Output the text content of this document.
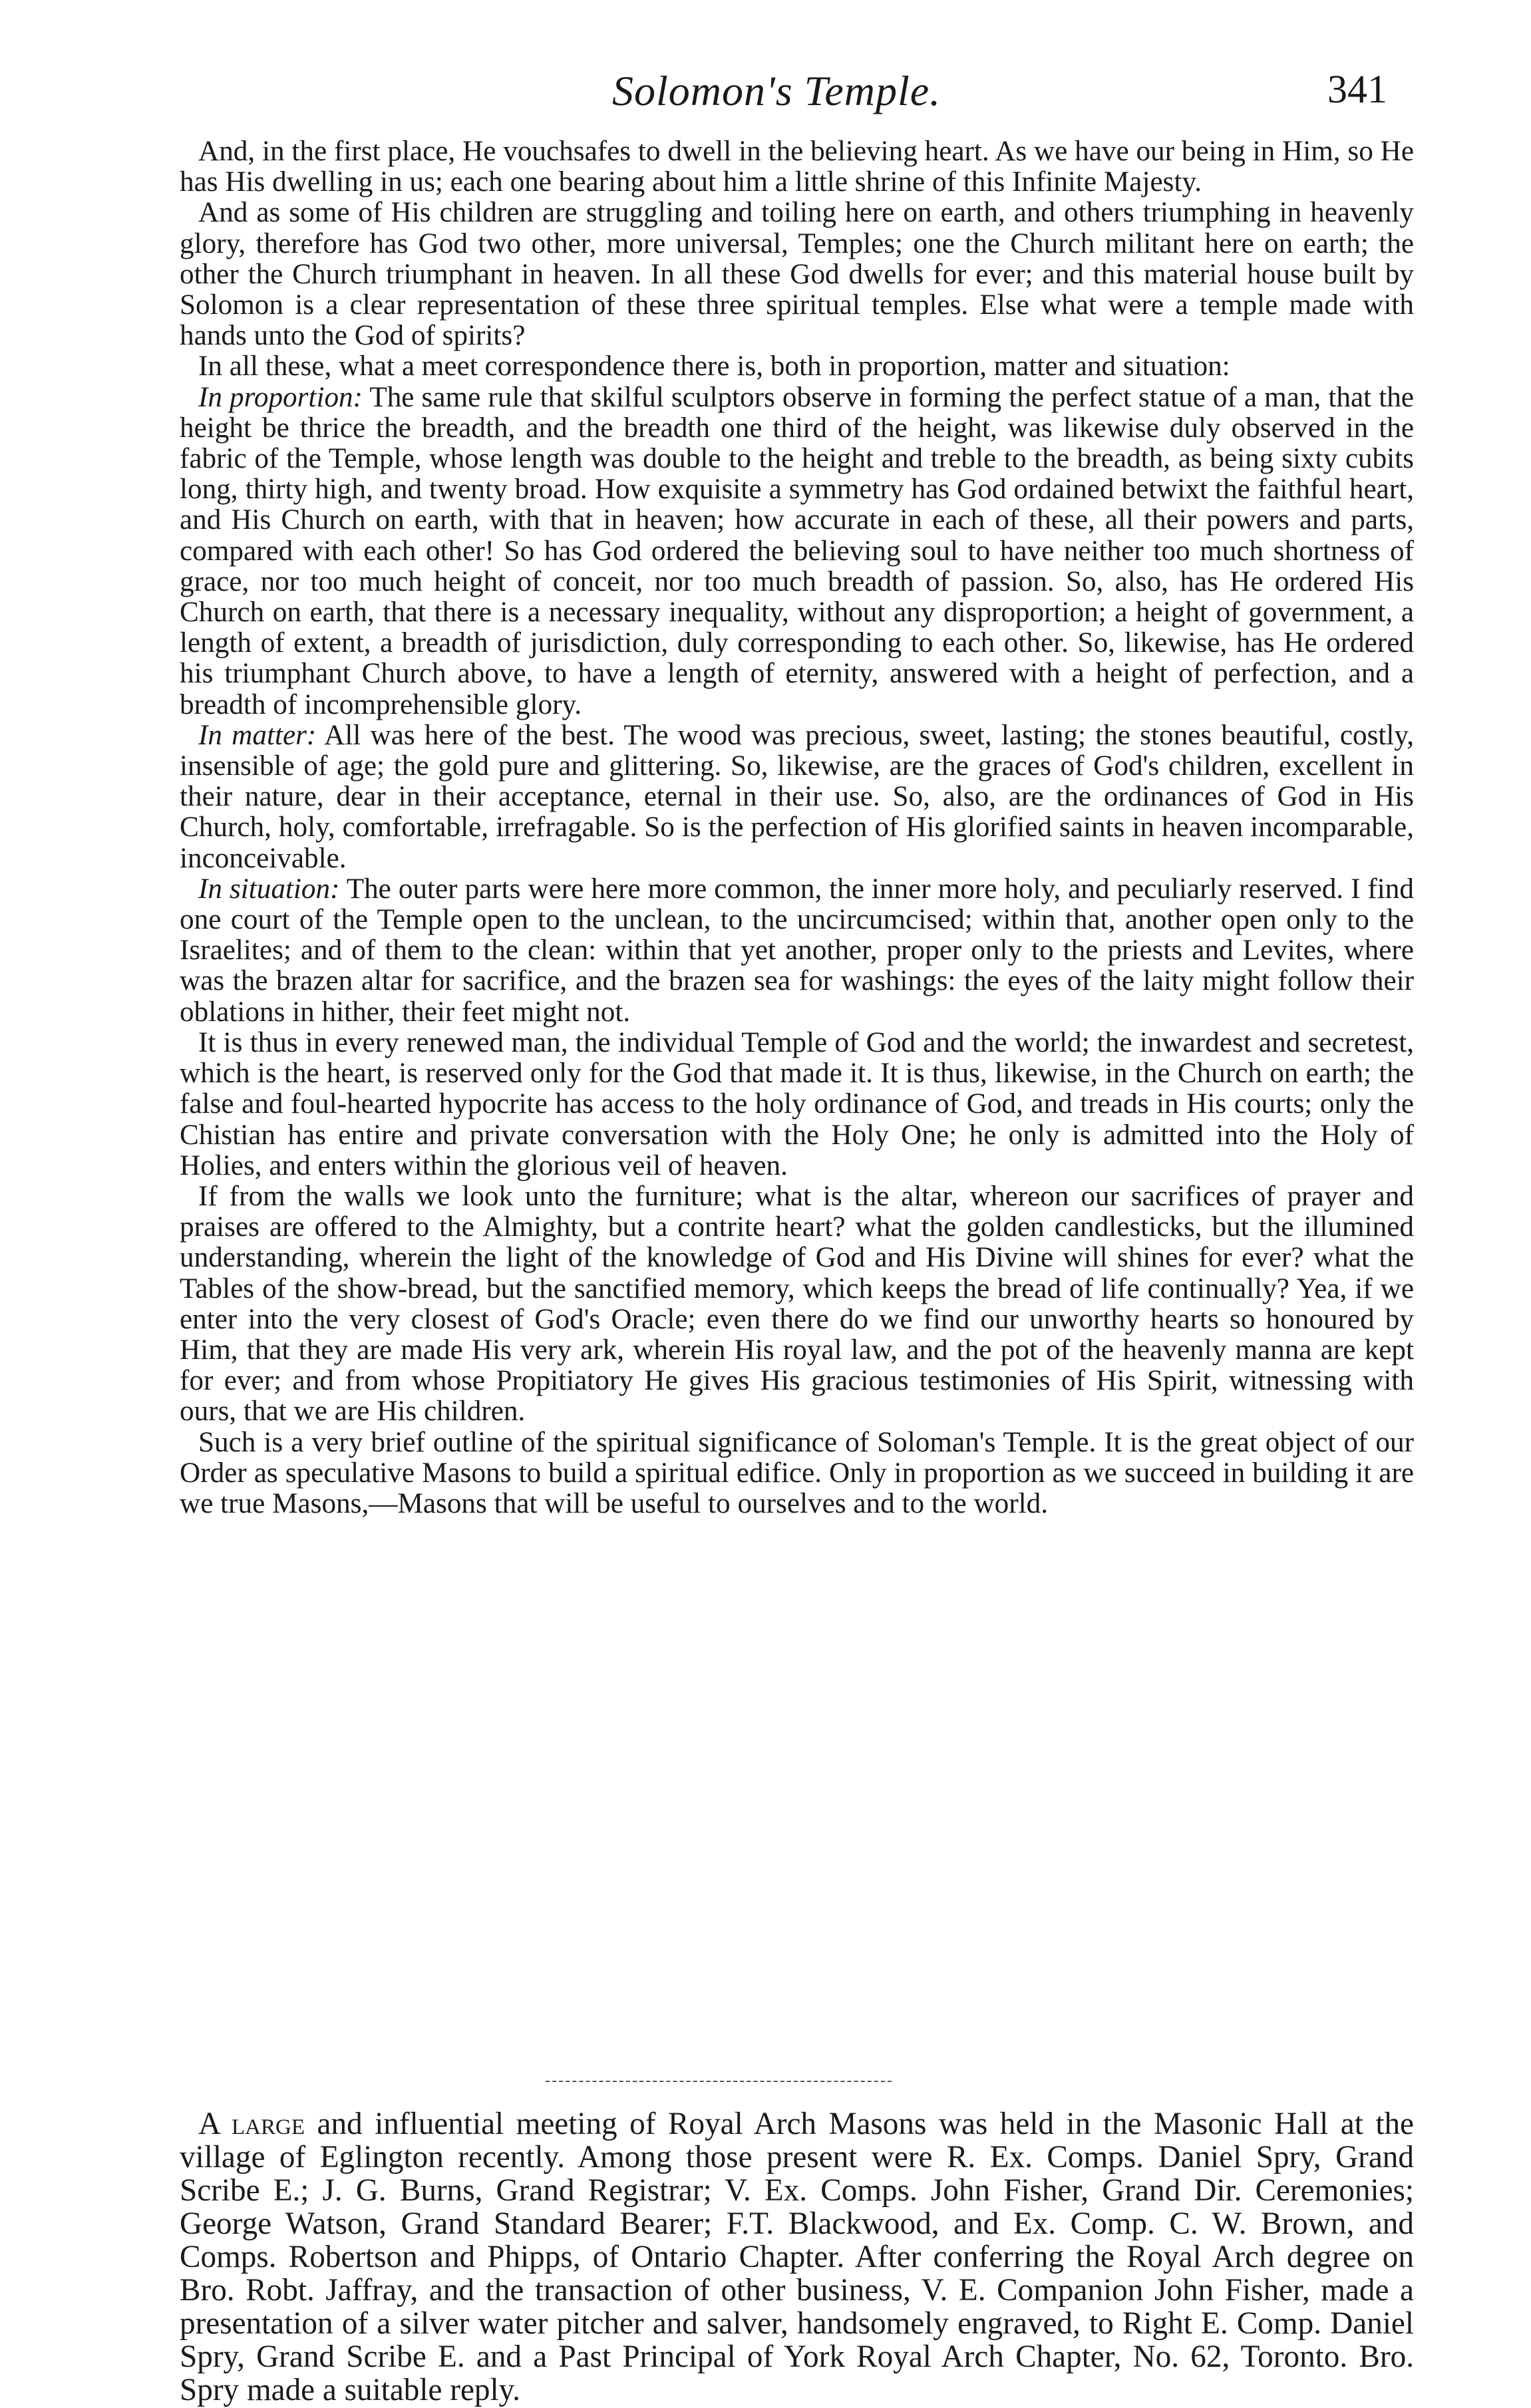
Solomon's Temple.	341

And, in the first place, He vouchsafes to dwell in the believing heart. As we have our being in Him, so He has His dwelling in us; each one bearing about him a little shrine of this Infinite Majesty.

And as some of His children are struggling and toiling here on earth, and others triumphing in heavenly glory, therefore has God two other, more universal, Temples; one the Church militant here on earth; the other the Church triumphant in heaven. In all these God dwells for ever; and this material house built by Solomon is a clear representation of these three spiritual temples. Else what were a temple made with hands unto the God of spirits?

In all these, what a meet correspondence there is, both in proportion, matter and situation:

In proportion: The same rule that skilful sculptors observe in forming the perfect statue of a man, that the height be thrice the breadth, and the breadth one third of the height, was likewise duly observed in the fabric of the Temple, whose length was double to the height and treble to the breadth, as being sixty cubits long, thirty high, and twenty broad. How exquisite a symmetry has God ordained betwixt the faithful heart, and His Church on earth, with that in heaven; how accurate in each of these, all their powers and parts, compared with each other! So has God ordered the believing soul to have neither too much shortness of grace, nor too much height of conceit, nor too much breadth of passion. So, also, has He ordered His Church on earth, that there is a necessary inequality, without any disproportion; a height of government, a length of extent, a breadth of jurisdiction, duly corresponding to each other. So, likewise, has He ordered his triumphant Church above, to have a length of eternity, answered with a height of perfection, and a breadth of incomprehensible glory.

In matter: All was here of the best. The wood was precious, sweet, lasting; the stones beautiful, costly, insensible of age; the gold pure and glittering. So, likewise, are the graces of God's children, excellent in their nature, dear in their acceptance, eternal in their use. So, also, are the ordinances of God in His Church, holy, comfortable, irrefragable. So is the perfection of His glorified saints in heaven incomparable, inconceivable.

In situation: The outer parts were here more common, the inner more holy, and peculiarly reserved. I find one court of the Temple open to the unclean, to the uncircumcised; within that, another open only to the Israelites; and of them to the clean: within that yet another, proper only to the priests and Levites, where was the brazen altar for sacrifice, and the brazen sea for washings: the eyes of the laity might follow their oblations in hither, their feet might not.

It is thus in every renewed man, the individual Temple of God and the world; the inwardest and secretest, which is the heart, is reserved only for the God that made it. It is thus, likewise, in the Church on earth; the false and foul-hearted hypocrite has access to the holy ordinance of God, and treads in His courts; only the Chistian has entire and private conversation with the Holy One; he only is admitted into the Holy of Holies, and enters within the glorious veil of heaven.

If from the walls we look unto the furniture; what is the altar, whereon our sacrifices of prayer and praises are offered to the Almighty, but a contrite heart? what the golden candlesticks, but the illumined understanding, wherein the light of the knowledge of God and His Divine will shines for ever? what the Tables of the show-bread, but the sanctified memory, which keeps the bread of life continually? Yea, if we enter into the very closest of God's Oracle; even there do we find our unworthy hearts so honoured by Him, that they are made His very ark, wherein His royal law, and the pot of the heavenly manna are kept for ever; and from whose Propitiatory He gives His gracious testimonies of His Spirit, witnessing with ours, that we are His children.

Such is a very brief outline of the spiritual significance of Soloman's Temple. It is the great object of our Order as speculative Masons to build a spiritual edifice. Only in proportion as we succeed in building it are we true Masons,—Masons that will be useful to ourselves and to the world.

A large and influential meeting of Royal Arch Masons was held in the Masonic Hall at the village of Eglington recently. Among those present were R. Ex. Comps. Daniel Spry, Grand Scribe E.; J. G. Burns, Grand Registrar; V. Ex. Comps. John Fisher, Grand Dir. Ceremonies; George Watson, Grand Standard Bearer; F.T. Blackwood, and Ex. Comp. C. W. Brown, and Comps. Robertson and Phipps, of Ontario Chapter. After conferring the Royal Arch degree on Bro. Robt. Jaffray, and the transaction of other business, V. E. Companion John Fisher, made a presentation of a silver water pitcher and salver, handsomely engraved, to Right E. Comp. Daniel Spry, Grand Scribe E. and a Past Principal of York Royal Arch Chapter, No. 62, Toronto. Bro. Spry made a suitable reply.
